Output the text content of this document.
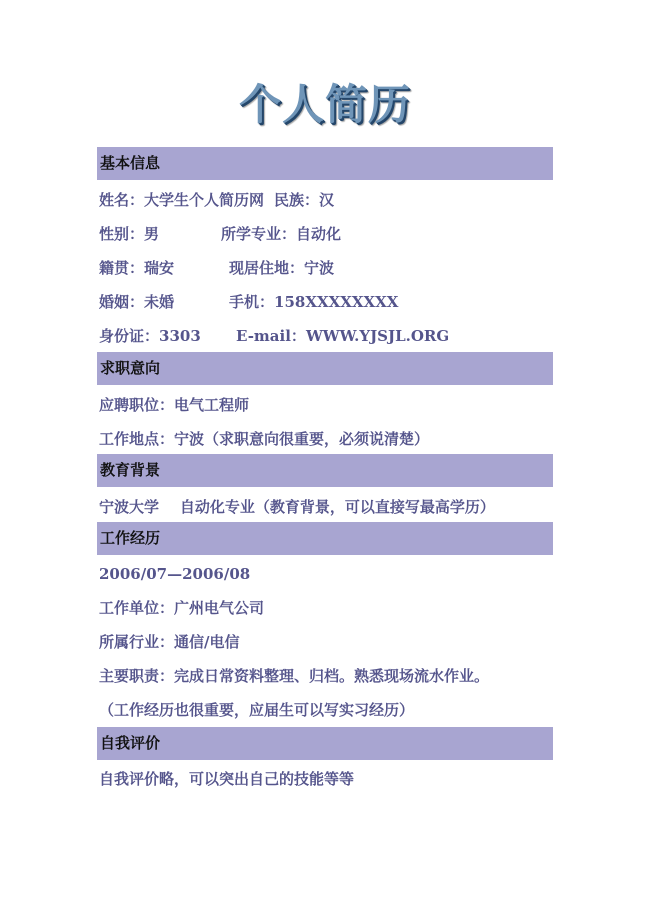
个人简历
基本信息
姓名：大学生个人简历网 民族：汉
性别：男	所学专业：自动化
籍贯：瑞安	现居住地：宁波
婚姻：未婚	手机：158XXXXXXXX
身份证：3303 E-mail：WWW.YJSJL.ORG
求职意向
应聘职位：电气工程师
工作地点：宁波（求职意向很重要，必须说清楚）
教育背景
宁波大学    自动化专业（教育背景，可以直接写最高学历）
工作经历
2006/07—2006/08
工作单位：广州电气公司
所属行业：通信/电信
主要职责：完成日常资料整理、归档。熟悉现场流水作业。
（工作经历也很重要，应届生可以写实习经历）
自我评价
自我评价略，可以突出自己的技能等等
